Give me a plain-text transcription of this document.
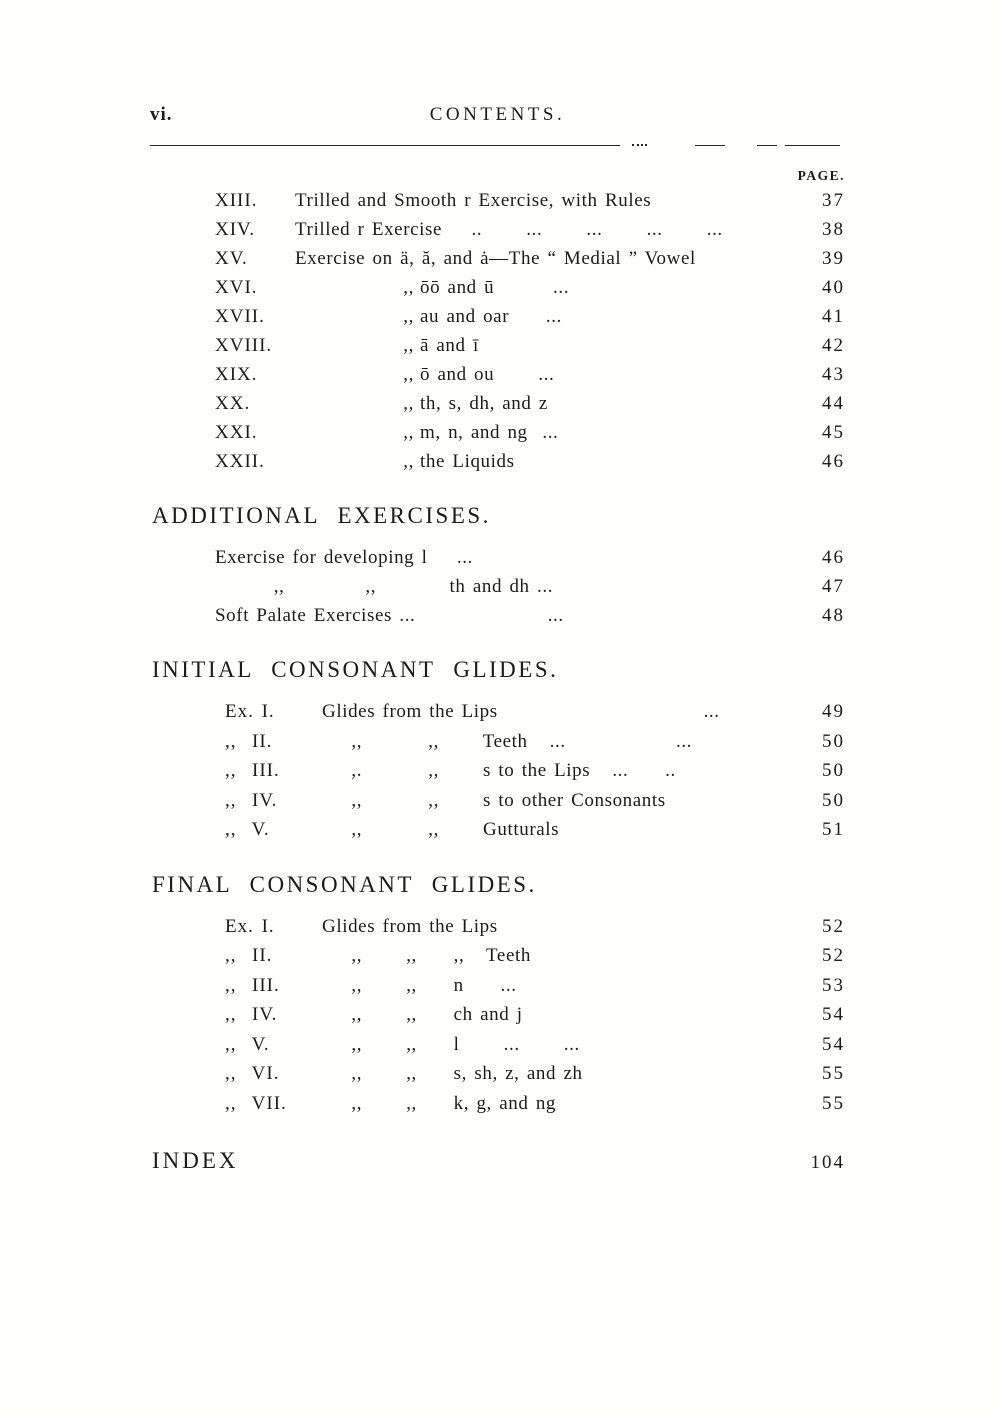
vi.	CONTENTS.
PAGE.
XIII.	Trilled and Smooth r Exercise, with Rules	37
XIV.	Trilled r Exercise    ..      ...      ...      ...      ...	38
XV.	Exercise on ä, ă, and ȧ—The “ Medial ” Vowel	39
XVI.	,, ōō and ū        ...	40
XVII.	,, au and oar     ...	41
XVIII.	,, ā and ī	42
XIX.	,, ō and ou      ...	43
XX.	,, th, s, dh, and z	44
XXI.	,, m, n, and ng  ...	45
XXII.	,, the Liquids	46
ADDITIONAL EXERCISES.
Exercise for developing l    ...	46
,,           ,,          th and dh ...	47
Soft Palate Exercises ...                  ...	48
INITIAL CONSONANT GLIDES.
Ex. I.	Glides from the Lips                            ...	49
,,  II.	,,         ,,      Teeth   ...               ...	50
,,  III.	,.         ,,      s to the Lips   ...     ..	50
,,  IV.	,,         ,,      s to other Consonants	50
,,  V.	,,         ,,      Gutturals	51
FINAL CONSONANT GLIDES.
Ex. I.	Glides from the Lips	52
,,  II.	,,      ,,     ,,   Teeth	52
,,  III.	,,      ,,     n     ...	53
,,  IV.	,,      ,,     ch and j	54
,,  V.	,,      ,,     l      ...      ...	54
,,  VI.	,,      ,,     s, sh, z, and zh	55
,,  VII.	,,      ,,     k, g, and ng	55
INDEX	104
